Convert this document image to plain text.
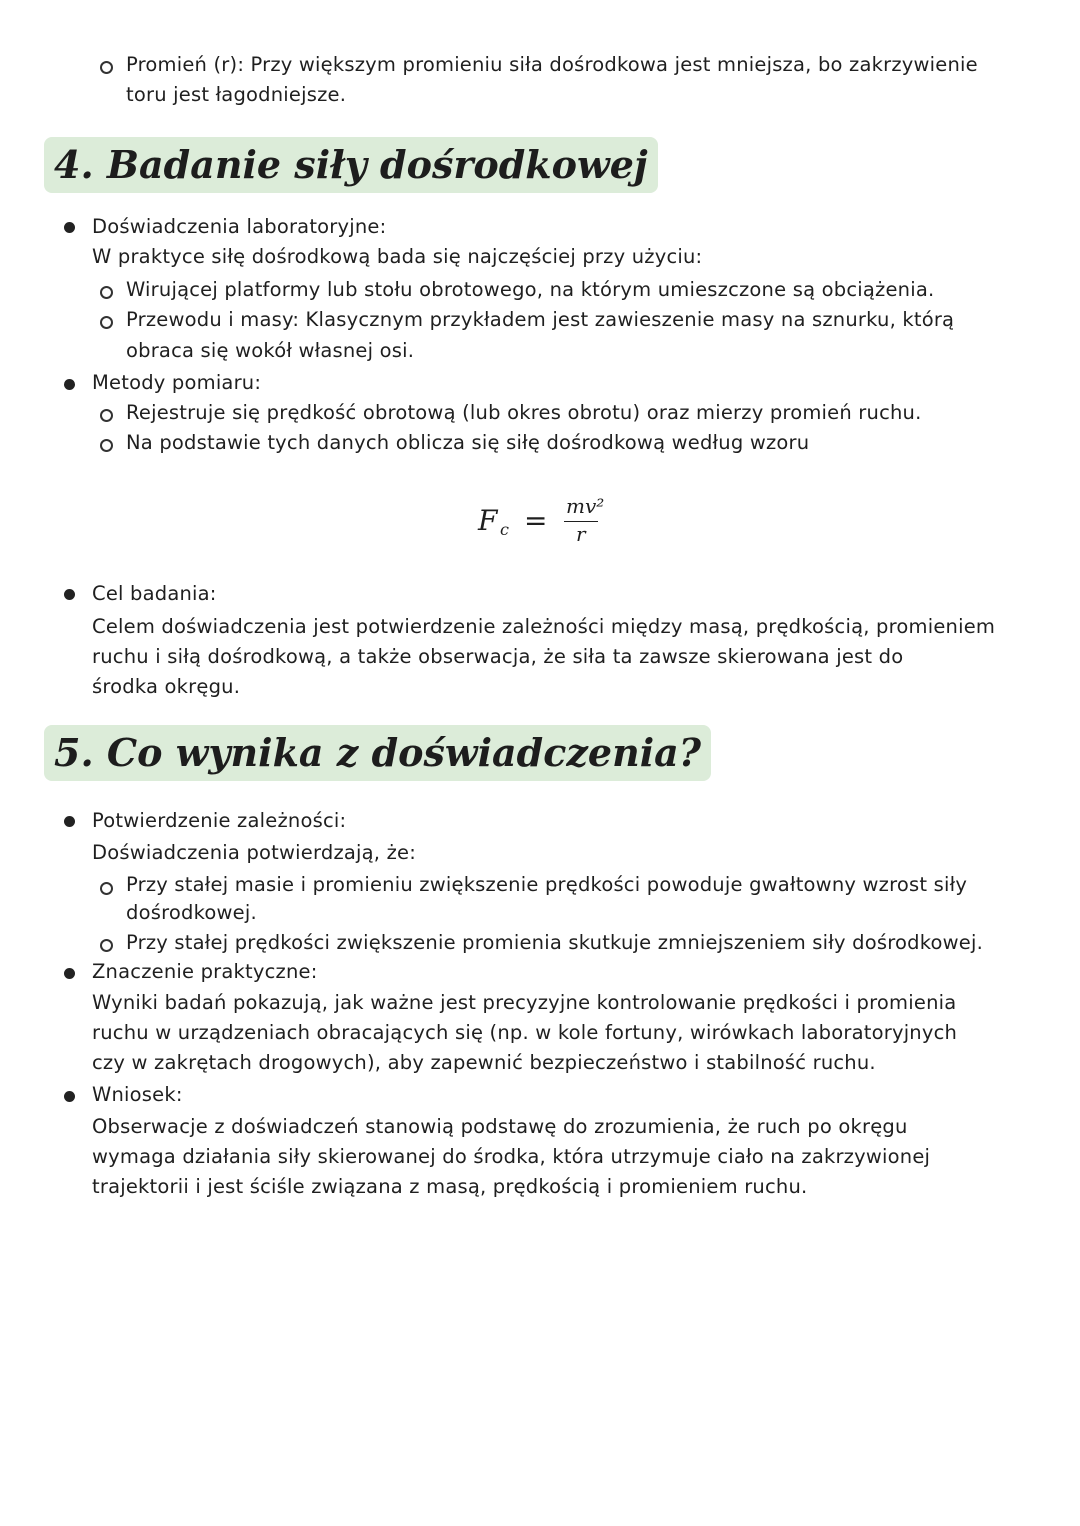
Promień (r): Przy większym promieniu siła dośrodkowa jest mniejsza, bo zakrzywienie
toru jest łagodniejsze.
4. Badanie siły dośrodkowej
Doświadczenia laboratoryjne:
W praktyce siłę dośrodkową bada się najczęściej przy użyciu:
Wirującej platformy lub stołu obrotowego, na którym umieszczone są obciążenia.
Przewodu i masy: Klasycznym przykładem jest zawieszenie masy na sznurku, którą
obraca się wokół własnej osi.
Metody pomiaru:
Rejestruje się prędkość obrotową (lub okres obrotu) oraz mierzy promień ruchu.
Na podstawie tych danych oblicza się siłę dośrodkową według wzoru
F c = mv²
r
Cel badania:
Celem doświadczenia jest potwierdzenie zależności między masą, prędkością, promieniem
ruchu i siłą dośrodkową, a także obserwacja, że siła ta zawsze skierowana jest do
środka okręgu.
5. Co wynika z doświadczenia?
Potwierdzenie zależności:
Doświadczenia potwierdzają, że:
Przy stałej masie i promieniu zwiększenie prędkości powoduje gwałtowny wzrost siły
dośrodkowej.
Przy stałej prędkości zwiększenie promienia skutkuje zmniejszeniem siły dośrodkowej.
Znaczenie praktyczne:
Wyniki badań pokazują, jak ważne jest precyzyjne kontrolowanie prędkości i promienia
ruchu w urządzeniach obracających się (np. w kole fortuny, wirówkach laboratoryjnych
czy w zakrętach drogowych), aby zapewnić bezpieczeństwo i stabilność ruchu.
Wniosek:
Obserwacje z doświadczeń stanowią podstawę do zrozumienia, że ruch po okręgu
wymaga działania siły skierowanej do środka, która utrzymuje ciało na zakrzywionej
trajektorii i jest ściśle związana z masą, prędkością i promieniem ruchu.
